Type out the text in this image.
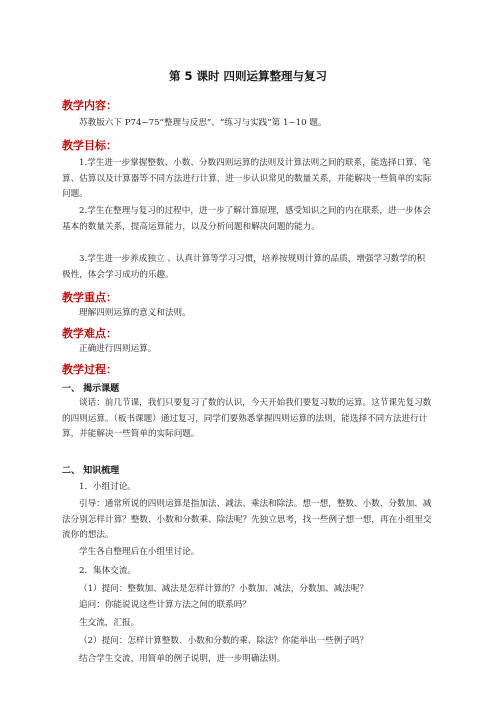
第 5 课时 四则运算整理与复习
教学内容：
苏教版六下 P74~75“整理与反思”、“练习与实践”第 1~10 题。
教学目标：
1.学生进一步掌握整数、小数、分数四则运算的法则及计算法则之间的联系，能选择口算、笔算、估算以及计算器等不同方法进行计算，进一步认识常见的数量关系，并能解决一些简单的实际问题。
2.学生在整理与复习的过程中，进一步了解计算原理，感受知识之间的内在联系，进一步体会基本的数量关系，提高运算能力，以及分析问题和解决问题的能力。
3.学生进一步养成独立 、认真计算等学习习惯，培养按规则计算的品质，增强学习数学的积极性，体会学习成功的乐趣。
教学重点：
理解四则运算的意义和法则。
教学难点：
正确进行四则运算。
教学过程：
一、 揭示课题
谈话：前几节课，我们只要复习了数的认识，今天开始我们要复习数的运算。这节课先复习数的四则运算。（板书课题）通过复习，同学们要熟悉掌握四则运算的法则，能选择不同方法进行计算，并能解决一些简单的实际问题。
二、 知识梳理
1．小组讨论。
引导：通常所说的四则运算是指加法、减法、乘法和除法。想一想，整数、小数、分数加、减法分别怎样计算？整数、小数和分数乘、除法呢？先独立思考，找一些例子想一想，再在小组里交流你的想法。
学生各自整理后在小组里讨论。
2．集体交流。
（1）提问：整数加、减法是怎样计算的？小数加、减法，分数加、减法呢？
追问：你能说说这些计算方法之间的联系吗？
生交流，汇报。
（2）提问：怎样计算整数、小数和分数的乘、除法？你能举出一些例子吗？
结合学生交流，用简单的例子说明，进一步明确法则。
